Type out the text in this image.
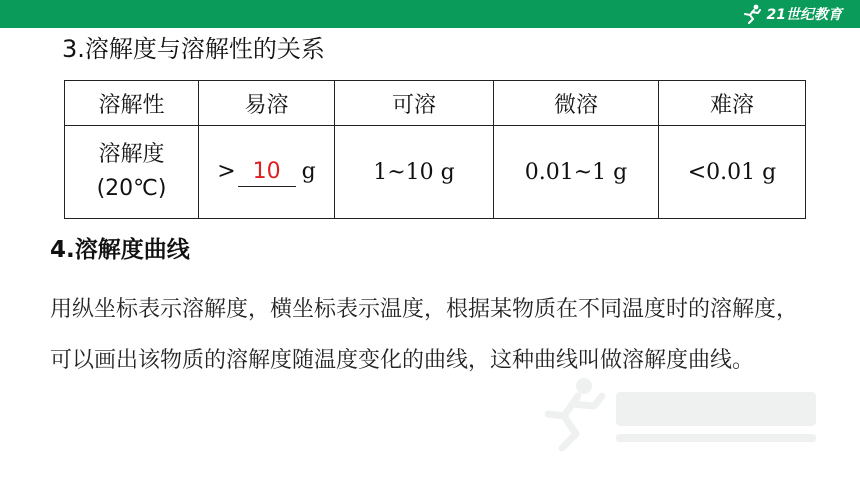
21世纪教育
3.溶解度与溶解性的关系
溶解性	易溶	可溶	微溶	难溶

溶解度
(20℃)	> 10 g	1~10 g	0.01~1 g	<0.01 g
4.溶解度曲线
用纵坐标表示溶解度，横坐标表示温度，根据某物质在不同温度时的溶解度，可以画出该物质的溶解度随温度变化的曲线，这种曲线叫做溶解度曲线。
